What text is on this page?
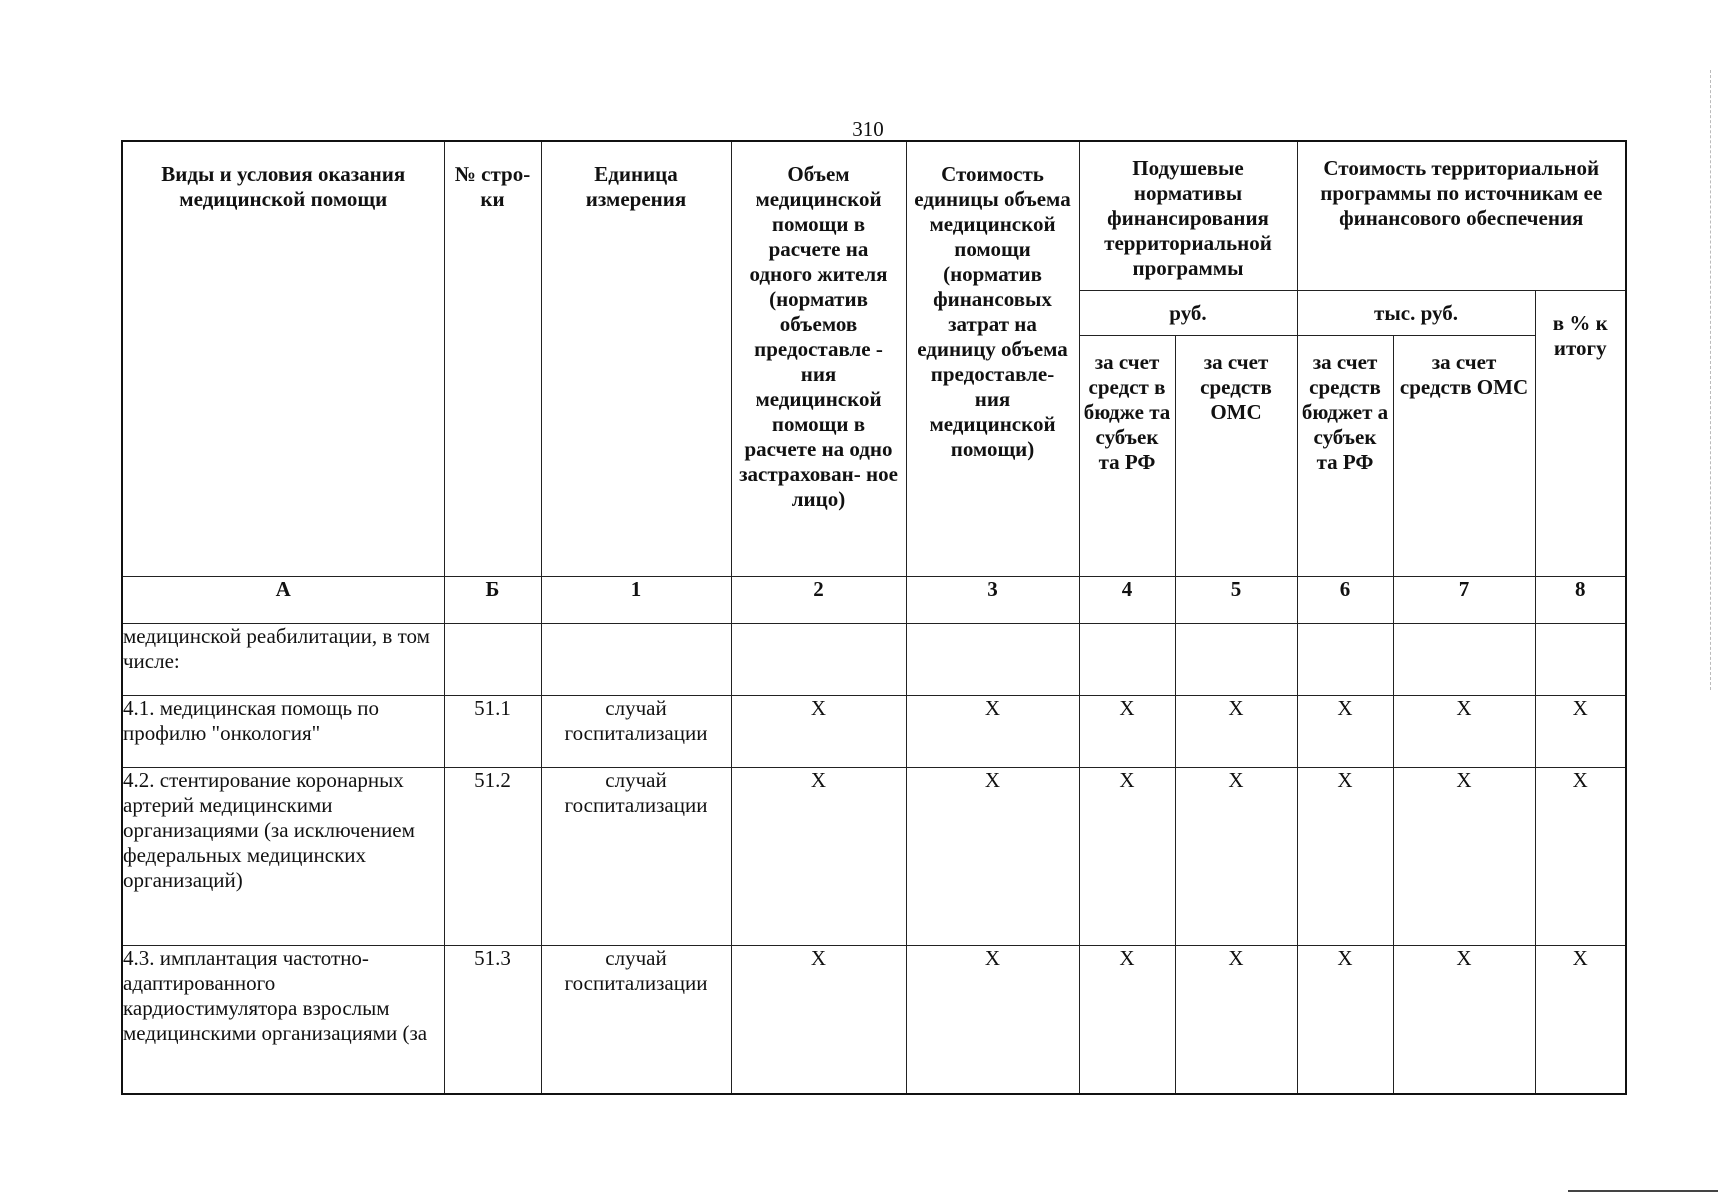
310
Виды и условия оказания медицинской помощи	№ стро- ки	Единица измерения	Объем медицинской помощи в расчете на одного жителя (норматив объемов предоставле - ния медицинской помощи в расчете на одно застрахован- ное лицо)	Стоимость единицы объема медицинской помощи (норматив финансовых затрат на единицу объема предоставле- ния медицинской помощи)	Подушевые нормативы финансирования территориальной программы		Стоимость территориальной программы по источникам ее финансового обеспечения		

					руб.		тыс. руб.		в % к итогу

					за счет средст в бюдже та субъек та РФ	за счет средств ОМС	за счет средств бюджет а субъек та РФ	за счет средств ОМС	

А	Б	1	2	3	4	5	6	7	8
медицинской реабилитации, в том числе:									
4.1. медицинская помощь по профилю "онкология"	51.1	случай госпитализации	Х	Х	Х	Х	Х	Х	Х
4.2. стентирование коронарных артерий медицинскими организациями (за исключением федеральных медицинских организаций)	51.2	случай госпитализации	Х	Х	Х	Х	Х	Х	Х
4.3. имплантация частотно-адаптированного кардиостимулятора взрослым медицинскими организациями (за	51.3	случай госпитализации	Х	Х	Х	Х	Х	Х	Х
